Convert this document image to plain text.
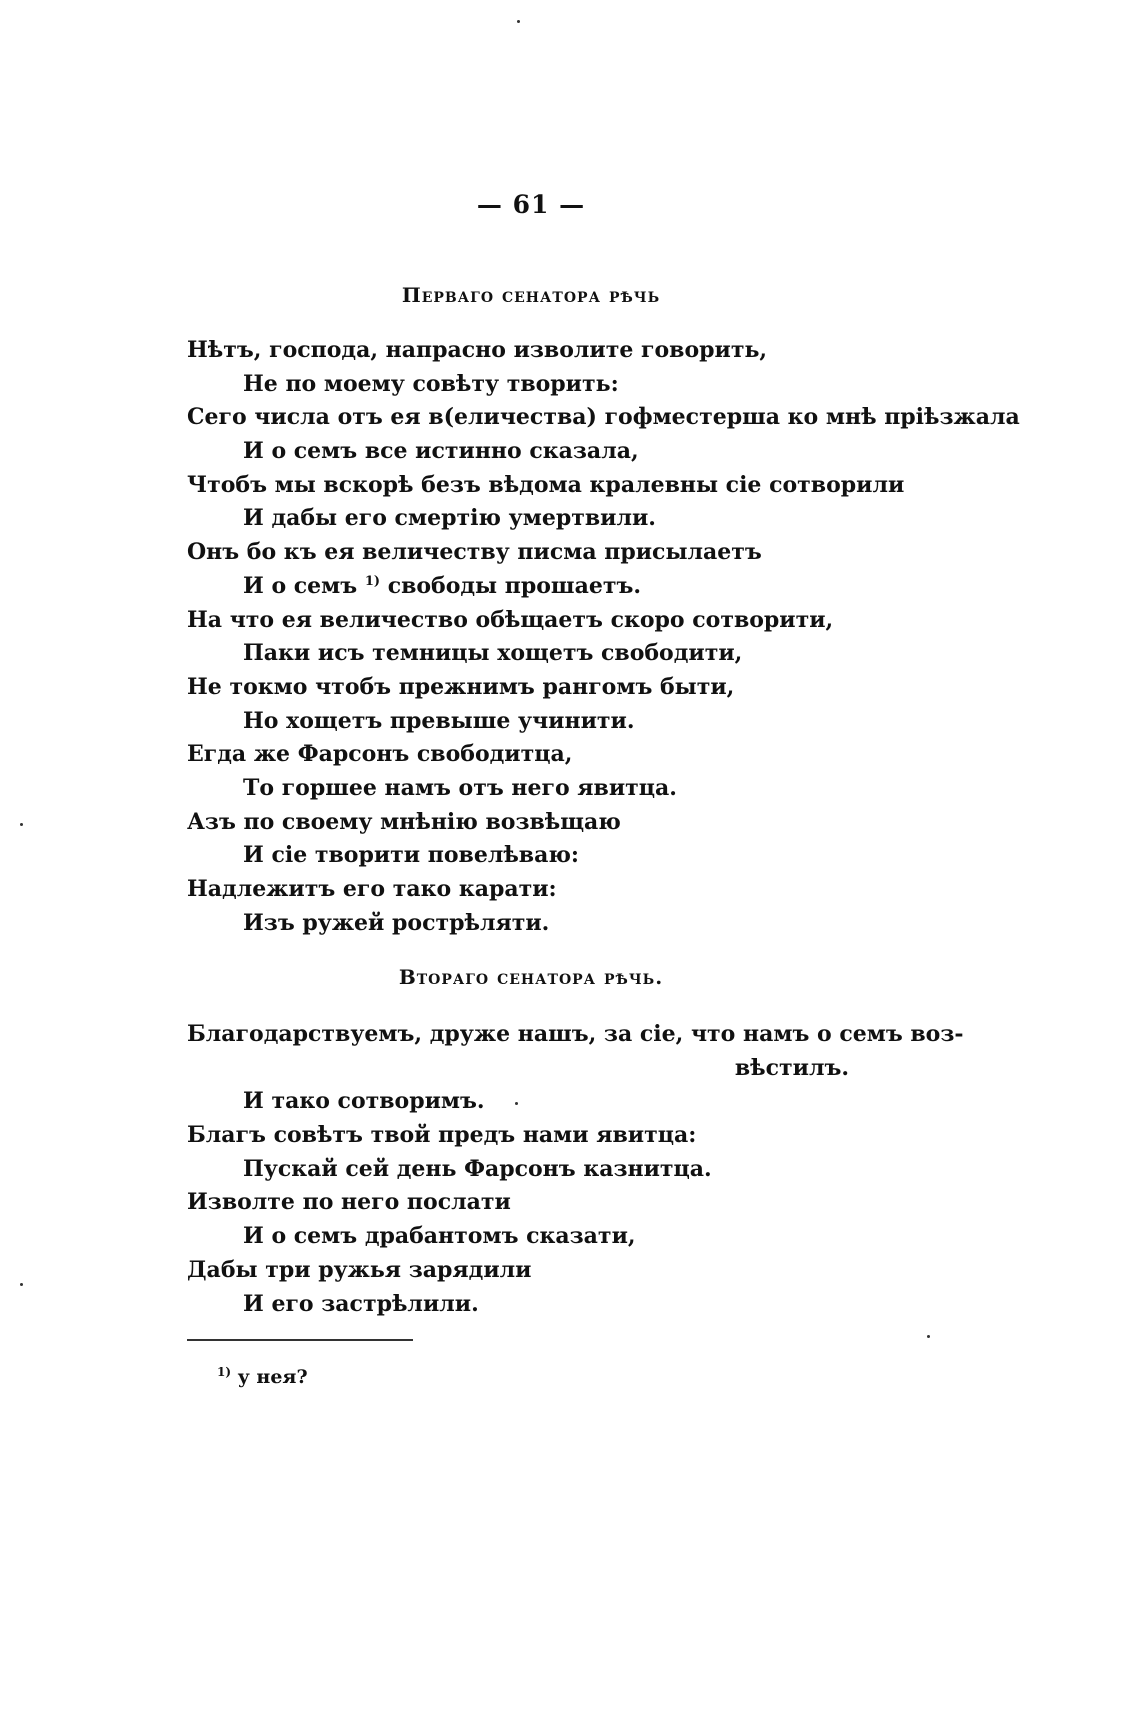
— 61 —
Перваго сенатора рѣчь
Нѣтъ, господа, напрасно изволите говорить,
Не по моему совѣту творить:
Сего числа отъ ея в(еличества) гофместерша ко мнѣ пріѣзжала
И о семъ все истинно сказала,
Чтобъ мы вскорѣ безъ вѣдома кралевны сіе сотворили
И дабы его смертію умертвили.
Онъ бо къ ея величеству писма присылаетъ
И о семъ $^{1)}$ свободы прошаетъ.
На что ея величество обѣщаетъ скоро сотворити,
Паки исъ темницы хощетъ свободити,
Не токмо чтобъ прежнимъ рангомъ быти,
Но хощетъ превыше учинити.
Егда же Фарсонъ свободитца,
То горшее намъ отъ него явитца.
Азъ по своему мнѣнію возвѣщаю
И сіе творити повелѣваю:
Надлежитъ его тако карати:
Изъ ружей рострѣляти.
Втораго сенатора рѣчь.
Благодарствуемъ, друже нашъ, за сіе, что намъ о семъ воз-
вѣстилъ.
И тако сотворимъ.
Благъ совѣтъ твой предъ нами явитца:
Пускай сей день Фарсонъ казнитца.
Изволте по него послати
И о семъ драбантомъ сказати,
Дабы три ружья зарядили
И его застрѣлили.
$^{1)}$ у нея?
